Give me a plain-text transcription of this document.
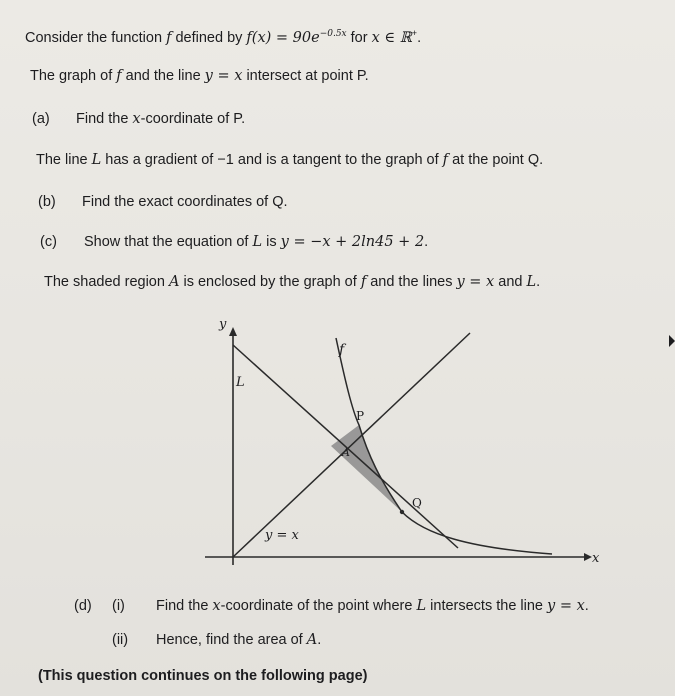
Consider the function f defined by $f(x) = 90e^{-0.5x}$ for x ∈ ℝ+.
The graph of f and the line y = x intersect at point P.
(a) Find the x-coordinate of P.
The line L has a gradient of −1 and is a tangent to the graph of f at the point Q.
(b) Find the exact coordinates of Q.
(c) Show that the equation of L is y = −x + 2ln45 + 2.
The shaded region A is enclosed by the graph of f and the lines y = x and L.
y
x
f
L
P
A
Q
y = x
(d) (i) Find the x-coordinate of the point where L intersects the line y = x.
(ii) Hence, find the area of A.
(This question continues on the following page)
